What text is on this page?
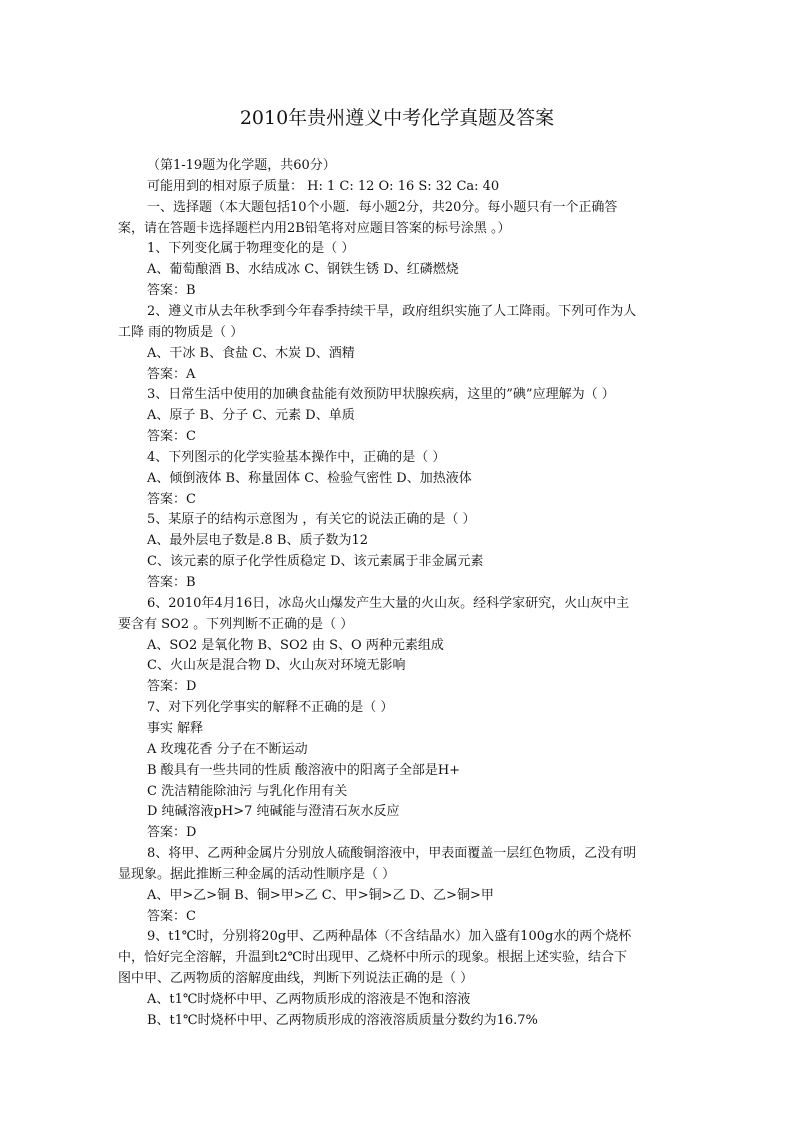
2010年贵州遵义中考化学真题及答案
（第1-19题为化学题，共60分）
可能用到的相对原子质量： H: 1 C: 12 O: 16 S: 32 Ca: 40
一、选择题（本大题包括10个小题．每小题2分，共20分。每小题只有一个正确答
案，请在答题卡选择题栏内用2B铅笔将对应题目答案的标号涂黑 。）
1、下列变化属于物理变化的是（ ）
A、葡萄酿酒 B、水结成冰 C、钢铁生锈 D、红磷燃烧
答案：B
2、遵义市从去年秋季到今年春季持续干旱，政府组织实施了人工降雨。下列可作为人
工降 雨的物质是（ ）
A、干冰 B、食盐 C、木炭 D、酒精
答案：A
3、日常生活中使用的加碘食盐能有效预防甲状腺疾病，这里的”碘”应理解为（ ）
A、原子 B、分子 C、元素 D、单质
答案：C
4、下列图示的化学实验基本操作中，正确的是（ ）
A、倾倒液体 B、称量固体 C、检验气密性 D、加热液体
答案：C
5、某原子的结构示意图为 ，有关它的说法正确的是（ ）
A、最外层电子数是.8 B、质子数为12
C、该元素的原子化学性质稳定 D、该元素属于非金属元素
答案：B
6、2010年4月16日，冰岛火山爆发产生大量的火山灰。经科学家研究，火山灰中主
要含有 SO2 。下列判断不正确的是（ ）
A、SO2 是氧化物 B、SO2 由 S、O 两种元素组成
C、火山灰是混合物 D、火山灰对环境无影响
答案：D
7、对下列化学事实的解释不正确的是（ ）
事实 解释
A 玫瑰花香 分子在不断运动
B 酸具有一些共同的性质 酸溶液中的阳离子全部是H+
C 洗洁精能除油污 与乳化作用有关
D 纯碱溶液pH>7 纯碱能与澄清石灰水反应
答案：D
8、将甲、乙两种金属片分别放人硫酸铜溶液中，甲表面覆盖一层红色物质，乙没有明
显现象。据此推断三种金属的活动性顺序是（ ）
A、甲>乙>铜 B、铜>甲>乙 C、甲>铜>乙 D、乙>铜>甲
答案：C
9、t1℃时，分别将20g甲、乙两种晶体（不含结晶水）加入盛有100g水的两个烧杯
中，恰好完全溶解，升温到t2℃时出现甲、乙烧杯中所示的现象。根据上述实验，结合下
图中甲、乙两物质的溶解度曲线，判断下列说法正确的是（ ）
A、t1℃时烧杯中甲、乙两物质形成的溶液是不饱和溶液
B、t1℃时烧杯中甲、乙两物质形成的溶液溶质质量分数约为16.7%
